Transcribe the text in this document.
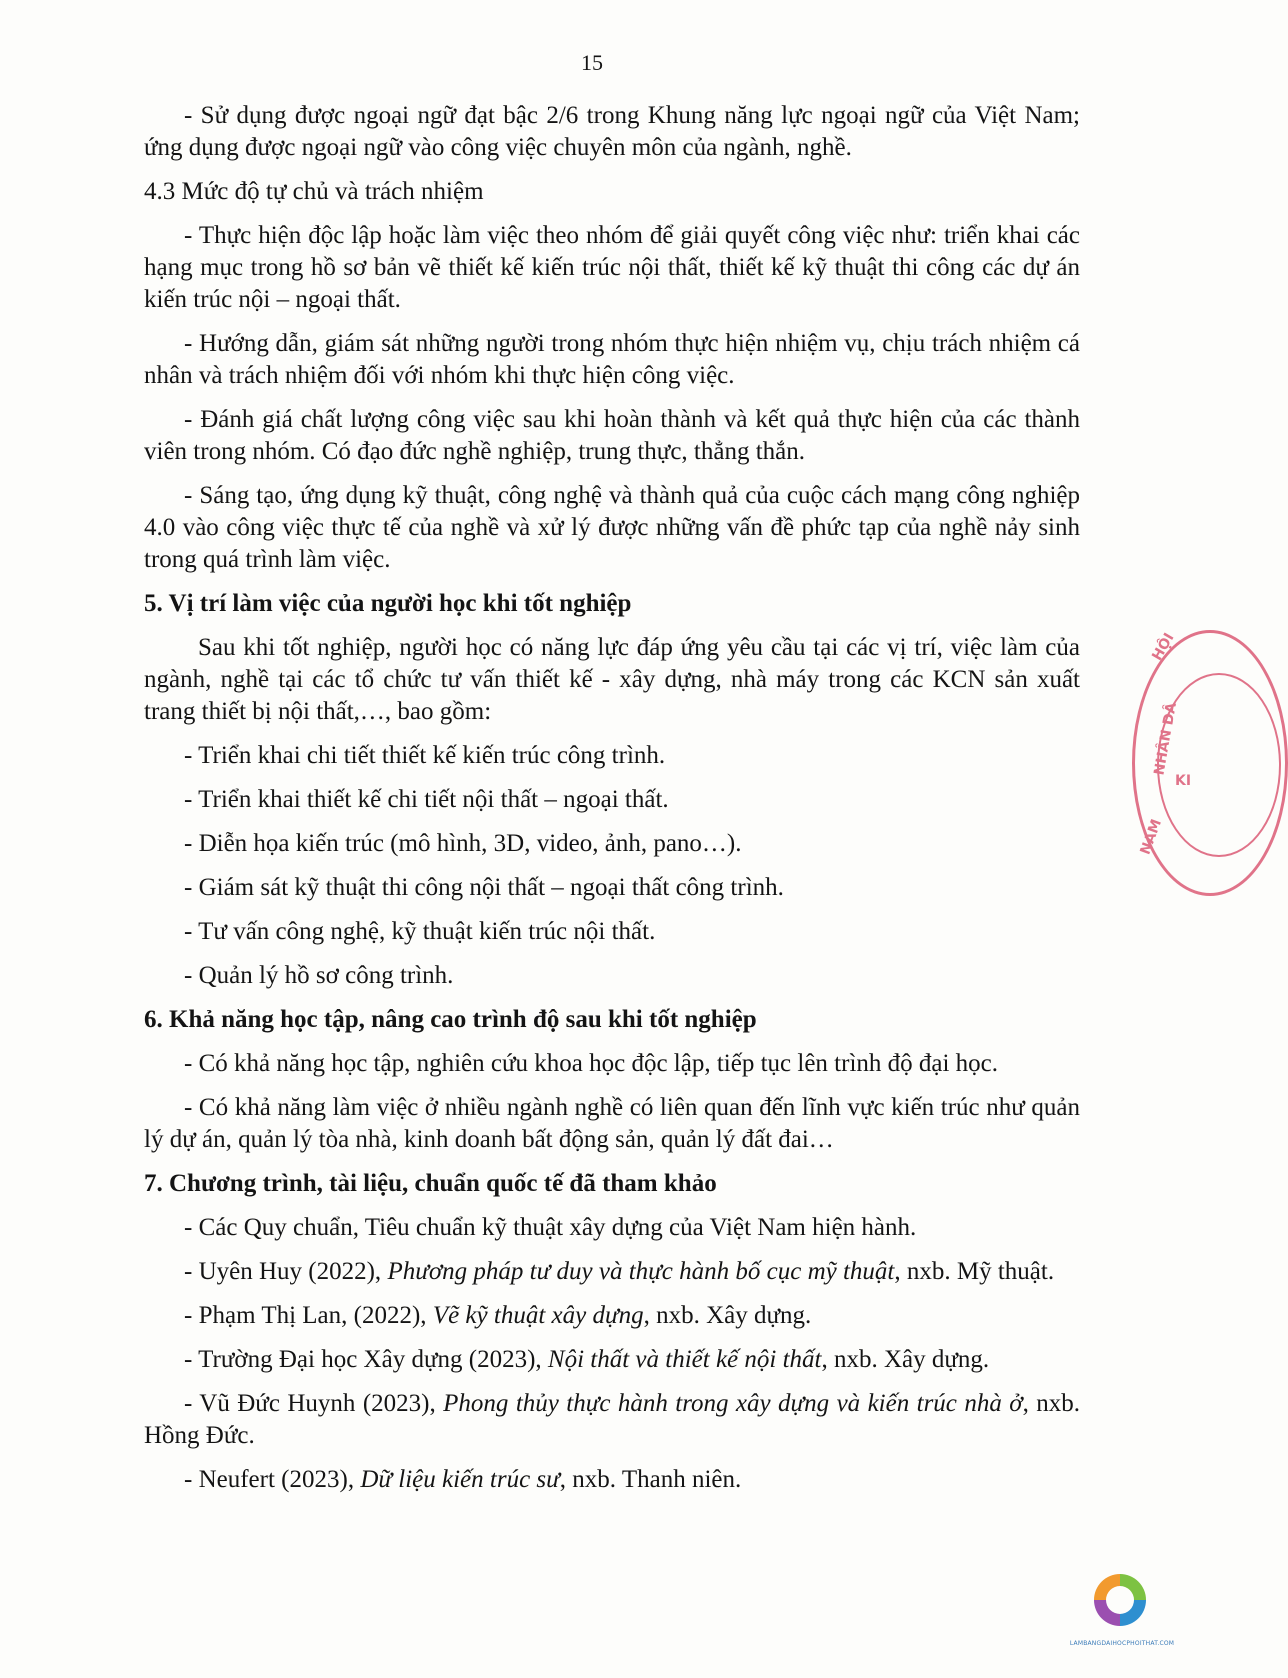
15

- Sử dụng được ngoại ngữ đạt bậc 2/6 trong Khung năng lực ngoại ngữ của Việt Nam; ứng dụng được ngoại ngữ vào công việc chuyên môn của ngành, nghề.

4.3 Mức độ tự chủ và trách nhiệm

- Thực hiện độc lập hoặc làm việc theo nhóm để giải quyết công việc như: triển khai các hạng mục trong hồ sơ bản vẽ thiết kế kiến trúc nội thất, thiết kế kỹ thuật thi công các dự án kiến trúc nội – ngoại thất.

- Hướng dẫn, giám sát những người trong nhóm thực hiện nhiệm vụ, chịu trách nhiệm cá nhân và trách nhiệm đối với nhóm khi thực hiện công việc.

- Đánh giá chất lượng công việc sau khi hoàn thành và kết quả thực hiện của các thành viên trong nhóm. Có đạo đức nghề nghiệp, trung thực, thẳng thắn.

- Sáng tạo, ứng dụng kỹ thuật, công nghệ và thành quả của cuộc cách mạng công nghiệp 4.0 vào công việc thực tế của nghề và xử lý được những vấn đề phức tạp của nghề nảy sinh trong quá trình làm việc.

5. Vị trí làm việc của người học khi tốt nghiệp

Sau khi tốt nghiệp, người học có năng lực đáp ứng yêu cầu tại các vị trí, việc làm của ngành, nghề tại các tổ chức tư vấn thiết kế - xây dựng, nhà máy trong các KCN sản xuất trang thiết bị nội thất,…, bao gồm:

- Triển khai chi tiết thiết kế kiến trúc công trình.

- Triển khai thiết kế chi tiết nội thất – ngoại thất.

- Diễn họa kiến trúc (mô hình, 3D, video, ảnh, pano…).

- Giám sát kỹ thuật thi công nội thất – ngoại thất công trình.

- Tư vấn công nghệ, kỹ thuật kiến trúc nội thất.

- Quản lý hồ sơ công trình.

6. Khả năng học tập, nâng cao trình độ sau khi tốt nghiệp

- Có khả năng học tập, nghiên cứu khoa học độc lập, tiếp tục lên trình độ đại học.

- Có khả năng làm việc ở nhiều ngành nghề có liên quan đến lĩnh vực kiến trúc như quản lý dự án, quản lý tòa nhà, kinh doanh bất động sản, quản lý đất đai…

7. Chương trình, tài liệu, chuẩn quốc tế đã tham khảo

- Các Quy chuẩn, Tiêu chuẩn kỹ thuật xây dựng của Việt Nam hiện hành.

- Uyên Huy (2022), Phương pháp tư duy và thực hành bố cục mỹ thuật, nxb. Mỹ thuật.

- Phạm Thị Lan, (2022), Vẽ kỹ thuật xây dựng, nxb. Xây dựng.

- Trường Đại học Xây dựng (2023), Nội thất và thiết kế nội thất, nxb. Xây dựng.

- Vũ Đức Huynh (2023), Phong thủy thực hành trong xây dựng và kiến trúc nhà ở, nxb. Hồng Đức.

- Neufert (2023), Dữ liệu kiến trúc sư, nxb. Thanh niên.

HỘI
NHÂN DÂ
KI
NAM
LAMBANGDAIHOCPHOITHAT.COM
